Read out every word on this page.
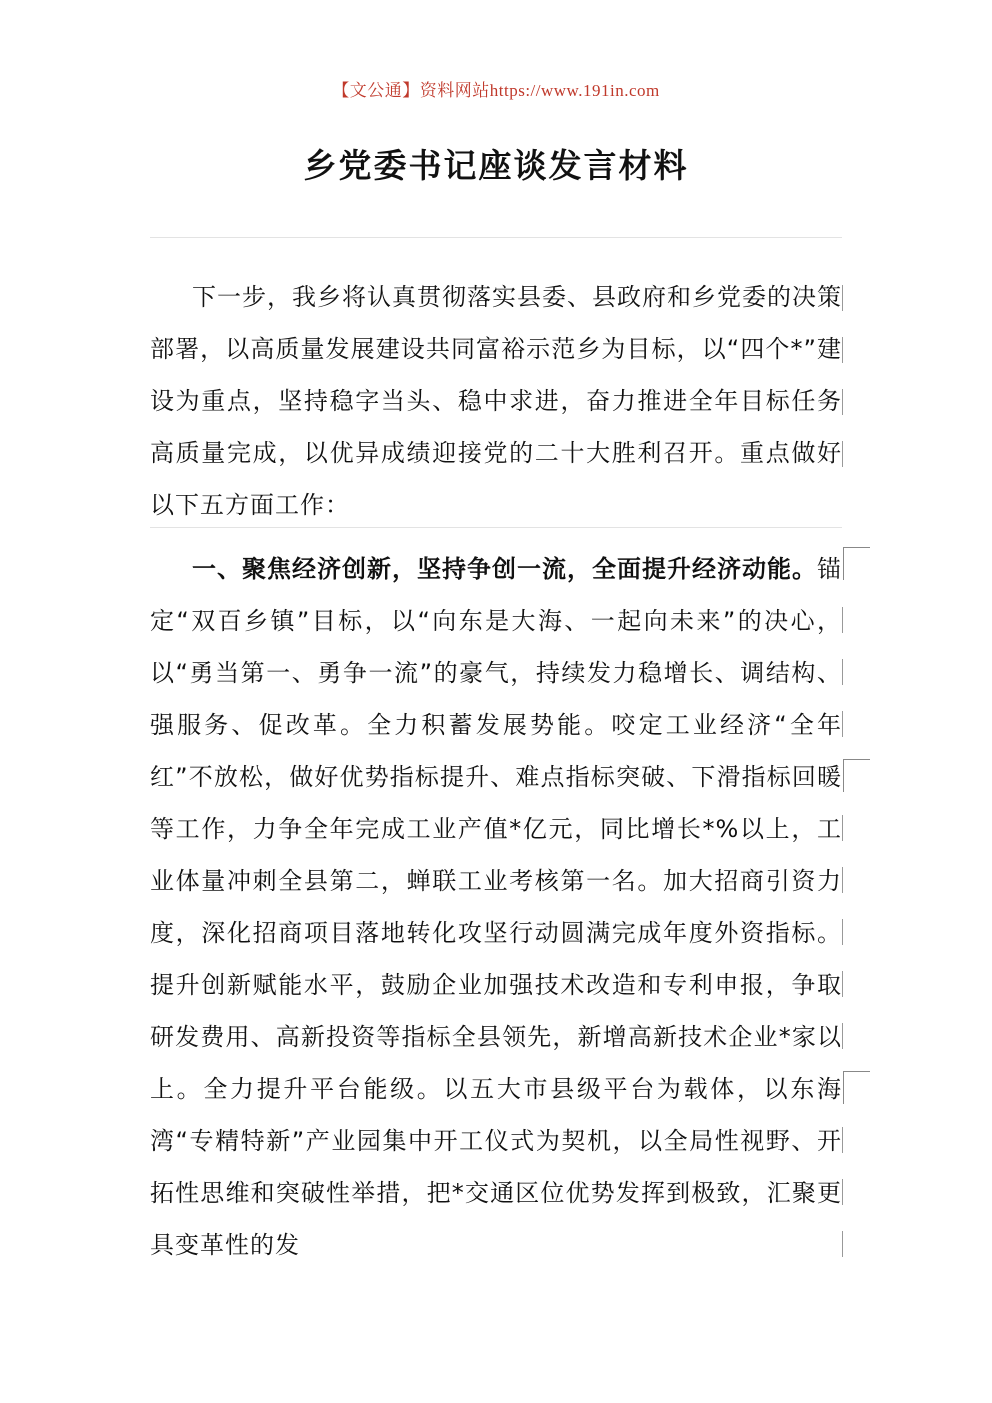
【文公通】资料网站https://www.191in.com
乡党委书记座谈发言材料
下一步，我乡将认真贯彻落实县委、县政府和乡党委的决策部署，以高质量发展建设共同富裕示范乡为目标，以“四个*”建设为重点，坚持稳字当头、稳中求进，奋力推进全年目标任务高质量完成，以优异成绩迎接党的二十大胜利召开。重点做好以下五方面工作：
一、聚焦经济创新，坚持争创一流，全面提升经济动能。锚定“双百乡镇”目标，以“向东是大海、一起向未来”的决心，以“勇当第一、勇争一流”的豪气，持续发力稳增长、调结构、强服务、促改革。全力积蓄发展势能。咬定工业经济“全年红”不放松，做好优势指标提升、难点指标突破、下滑指标回暖等工作，力争全年完成工业产值*亿元，同比增长*%以上，工业体量冲刺全县第二，蝉联工业考核第一名。加大招商引资力度，深化招商项目落地转化攻坚行动圆满完成年度外资指标。提升创新赋能水平，鼓励企业加强技术改造和专利申报，争取研发费用、高新投资等指标全县领先，新增高新技术企业*家以上。全力提升平台能级。以五大市县级平台为载体，以东海湾“专精特新”产业园集中开工仪式为契机，以全局性视野、开拓性思维和突破性举措，把*交通区位优势发挥到极致，汇聚更具变革性的发
